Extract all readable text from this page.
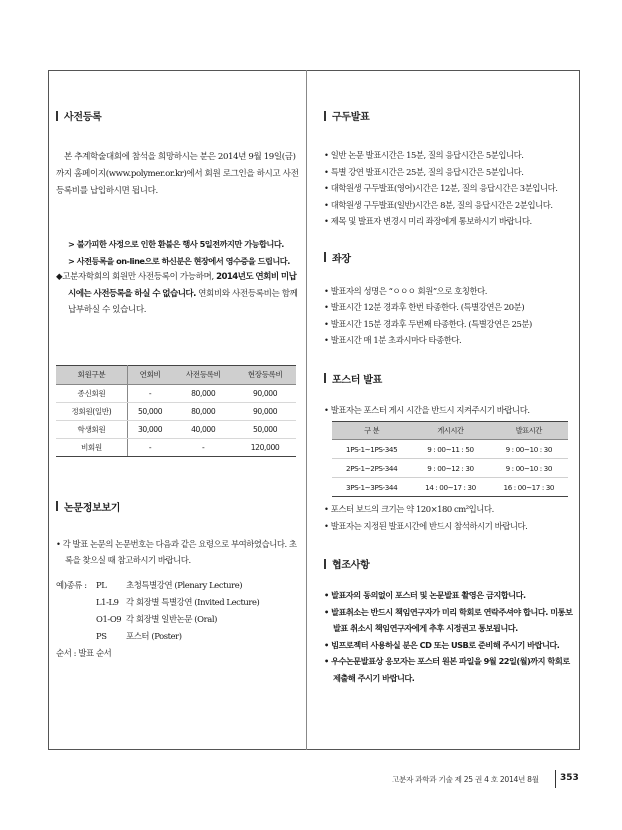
사전등록
본 추계학술대회에 참석을 희망하시는 분은 2014년 9월 19일(금)까지 홈페이지(www.polymer.or.kr)에서 회원 로그인을 하시고 사전등록비를 납입하시면 됩니다.
> 불가피한 사정으로 인한 환불은 행사 5일전까지만 가능합니다.
> 사전등록을 on-line으로 하신분은 현장에서 영수증을 드립니다.
◆고분자학회의 회원만 사전등록이 가능하며, 2014년도 연회비 미납시에는 사전등록을 하실 수 없습니다. 연회비와 사전등록비는 함께 납부하실 수 있습니다.
회원구분	연회비	사전등록비	현장등록비
종신회원	-	80,000	90,000
정회원(일반)	50,000	80,000	90,000
학생회원	30,000	40,000	50,000
비회원	-	-	120,000
논문정보보기
• 각 발표 논문의 논문번호는 다음과 같은 요령으로 부여하였습니다. 초록을 찾으실 때 참고하시기 바랍니다.
예)종류 :	PL	초청특별강연 (Plenary Lecture)
L1-L9 각 회장별 특별강연 (Invited Lecture)
O1-O9 각 회장별 일반논문 (Oral)
PS	포스터 (Poster)
순서 : 발표 순서
구두발표
• 일반 논문 발표시간은 15분, 질의 응답시간은 5분입니다.
• 특별 강연 발표시간은 25분, 질의 응답시간은 5분입니다.
• 대학원생 구두발표(영어)시간은 12분, 질의 응답시간은 3분입니다.
• 대학원생 구두발표(일반)시간은 8분, 질의 응답시간은 2분입니다.
• 제목 및 발표자 변경시 미리 좌장에게 통보하시기 바랍니다.
좌장
• 발표자의 성명은 “ㅇㅇㅇ 회원”으로 호칭한다.
• 발표시간 12분 경과후 한번 타종한다. (특별강연은 20분)
• 발표시간 15분 경과후 두번째 타종한다. (특별강연은 25분)
• 발표시간 매 1분 초과시마다 타종한다.
포스터 발표
• 발표자는 포스터 게시 시간을 반드시 지켜주시기 바랍니다.
구 분	게시시간	발표시간
1PS-1~1PS-345	9 : 00~11 : 50	9 : 00~10 : 30
2PS-1~2PS-344	9 : 00~12 : 30	9 : 00~10 : 30
3PS-1~3PS-344	14 : 00~17 : 30	16 : 00~17 : 30
• 포스터 보드의 크기는 약 120×180 cm²입니다.
• 발표자는 지정된 발표시간에 반드시 참석하시기 바랍니다.
협조사항
• 발표자의 동의없이 포스터 및 논문발표 촬영은 금지합니다.
• 발표취소는 반드시 책임연구자가 미리 학회로 연락주셔야 합니다. 미통보 발표 취소시 책임연구자에게 추후 시정권고 통보됩니다.
• 빔프로젝터 사용하실 분은 CD 또는 USB로 준비해 주시기 바랍니다.
• 우수논문발표상 응모자는 포스터 원본 파일을 9월 22일(월)까지 학회로 제출해 주시기 바랍니다.
고분자 과학과 기술 제 25 권 4 호 2014년 8월 353
